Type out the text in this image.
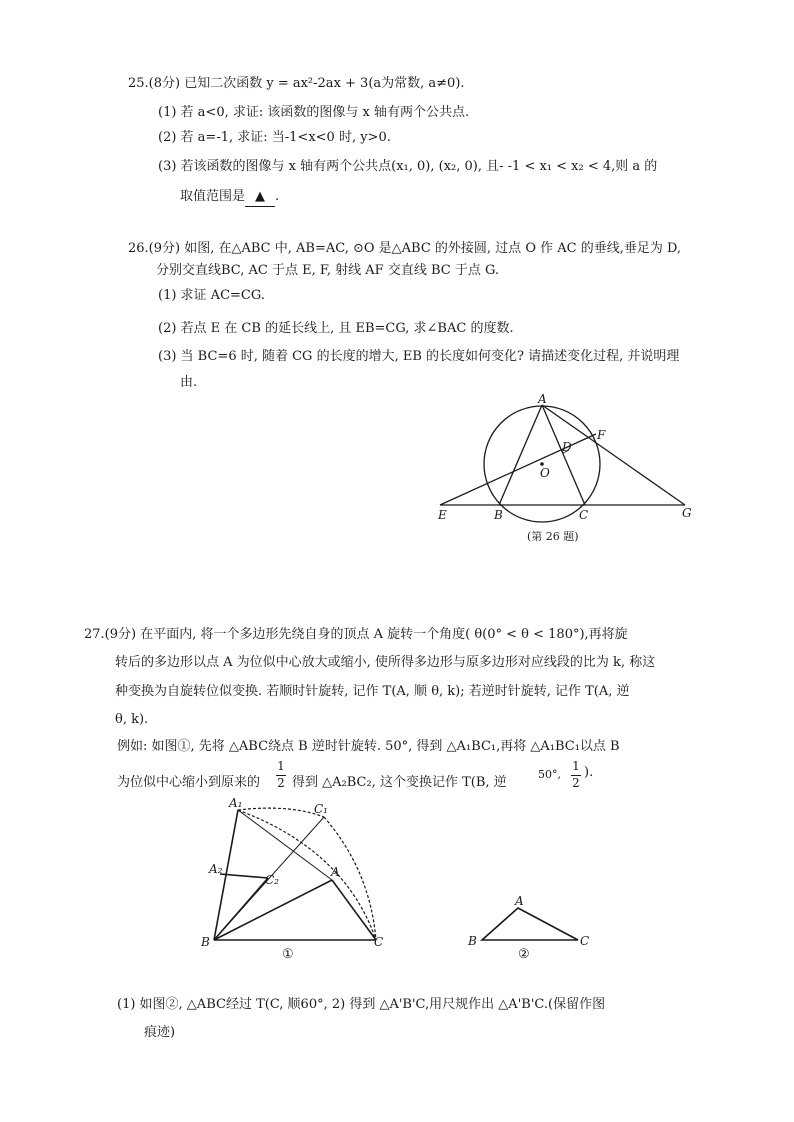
25.(8分) 已知二次函数 y = ax²-2ax + 3(a为常数, a≠0).
(1) 若 a<0, 求证: 该函数的图像与 x 轴有两个公共点.
(2) 若 a=-1, 求证: 当-1<x<0 时, y>0.
(3) 若该函数的图像与 x 轴有两个公共点(x₁, 0), (x₂, 0), 且- -1 < x₁ < x₂ < 4,则 a 的
取值范围是 ▲ .
26.(9分) 如图, 在△ABC 中, AB=AC, ⊙O 是△ABC 的外接圆, 过点 O 作 AC 的垂线,垂足为 D,
分别交直线BC, AC 于点 E, F, 射线 AF 交直线 BC 于点 G.
(1) 求证 AC=CG.
(2) 若点 E 在 CB 的延长线上, 且 EB=CG, 求∠BAC 的度数.
(3) 当 BC=6 时, 随着 CG 的长度的增大, EB 的长度如何变化? 请描述变化过程, 并说明理
由.
A
D
F
O
E	B	C	G
(第 26 题)
27.(9分) 在平面内, 将一个多边形先绕自身的顶点 A 旋转一个角度( θ(0° < θ < 180°),再将旋
转后的多边形以点 A 为位似中心放大或缩小, 使所得多边形与原多边形对应线段的比为 k, 称这
种变换为自旋转位似变换. 若顺时针旋转, 记作 T(A, 顺 θ, k); 若逆时针旋转, 记作 T(A, 逆
θ, k).
例如: 如图①, 先将 △ABC绕点 B 逆时针旋转. 50°, 得到 △A₁BC₁,再将 △A₁BC₁以点 B
为位似中心缩小到原来的
1
2 得到 △A₂BC₂, 这个变换记作 T(B, 逆
50°,
1
2
).
A₁	C₁
A₂
C₂
A
B	C
①
A
B	C
②
(1) 如图②, △ABC经过 T(C, 顺60°, 2) 得到 △A'B'C,用尺规作出 △A'B'C.(保留作图
痕迹)
